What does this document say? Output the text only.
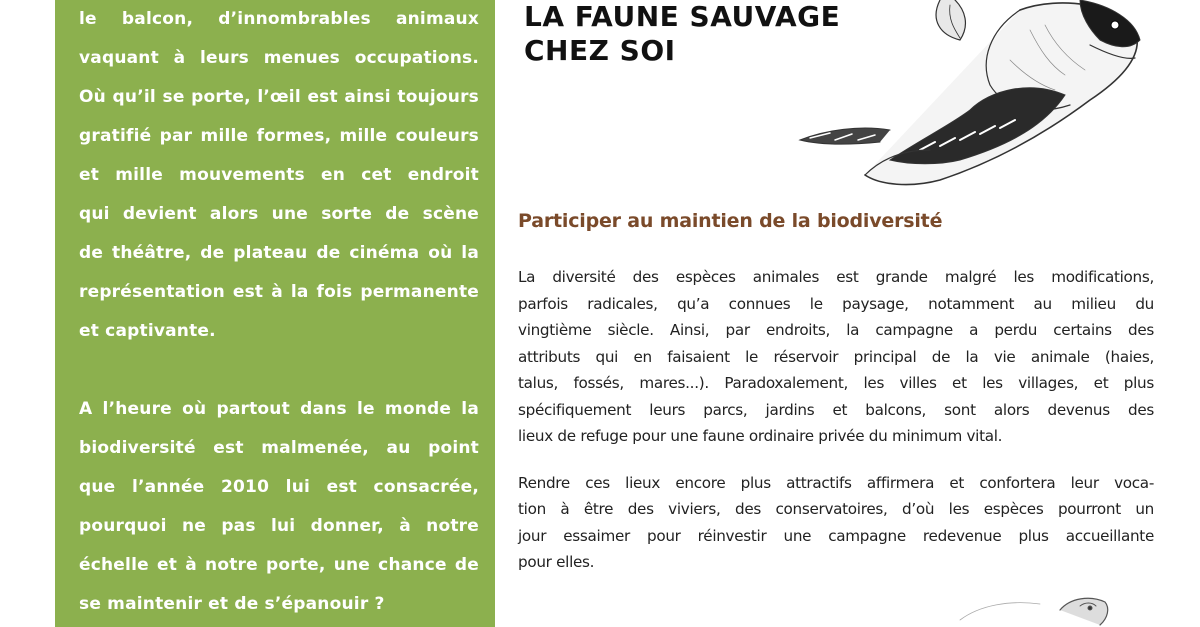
le balcon, d’innombrables animaux
vaquant à leurs menues occupations.
Où qu’il se porte, l’œil est ainsi toujours
gratifié par mille formes, mille couleurs
et mille mouvements en cet endroit
qui devient alors une sorte de scène
de théâtre, de plateau de cinéma où la
représentation est à la fois permanente
et captivante.

A l’heure où partout dans le monde la
biodiversité est malmenée, au point
que l’année 2010 lui est consacrée,
pourquoi ne pas lui donner, à notre
échelle et à notre porte, une chance de
se maintenir et de s’épanouir ?

LA FAUNE SAUVAGE
CHEZ SOI
Participer au maintien de la biodiversité

La diversité des espèces animales est grande malgré les modifications,
parfois radicales, qu’a connues le paysage, notamment au milieu du
vingtième siècle. Ainsi, par endroits, la campagne a perdu certains des
attributs qui en faisaient le réservoir principal de la vie animale (haies,
talus, fossés, mares...). Paradoxalement, les villes et les villages, et plus
spécifiquement leurs parcs, jardins et balcons, sont alors devenus des
lieux de refuge pour une faune ordinaire privée du minimum vital.

Rendre ces lieux encore plus attractifs affirmera et confortera leur voca-
tion à être des viviers, des conservatoires, d’où les espèces pourront un
jour essaimer pour réinvestir une campagne redevenue plus accueillante
pour elles.
